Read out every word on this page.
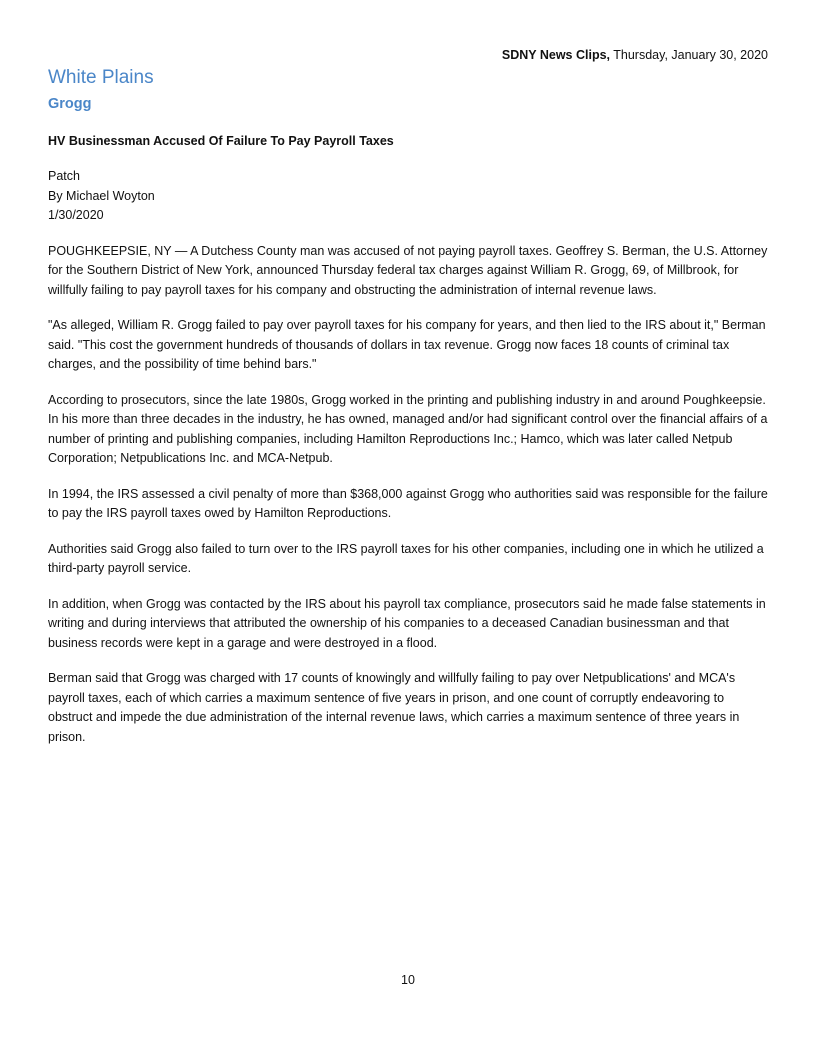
SDNY News Clips, Thursday, January 30, 2020
White Plains
Grogg
HV Businessman Accused Of Failure To Pay Payroll Taxes
Patch
By Michael Woyton
1/30/2020

POUGHKEEPSIE, NY — A Dutchess County man was accused of not paying payroll taxes. Geoffrey S. Berman, the U.S. Attorney for the Southern District of New York, announced Thursday federal tax charges against William R. Grogg, 69, of Millbrook, for willfully failing to pay payroll taxes for his company and obstructing the administration of internal revenue laws.

"As alleged, William R. Grogg failed to pay over payroll taxes for his company for years, and then lied to the IRS about it," Berman said. "This cost the government hundreds of thousands of dollars in tax revenue. Grogg now faces 18 counts of criminal tax charges, and the possibility of time behind bars."

According to prosecutors, since the late 1980s, Grogg worked in the printing and publishing industry in and around Poughkeepsie. In his more than three decades in the industry, he has owned, managed and/or had significant control over the financial affairs of a number of printing and publishing companies, including Hamilton Reproductions Inc.; Hamco, which was later called Netpub Corporation; Netpublications Inc. and MCA-Netpub.

In 1994, the IRS assessed a civil penalty of more than $368,000 against Grogg who authorities said was responsible for the failure to pay the IRS payroll taxes owed by Hamilton Reproductions.

Authorities said Grogg also failed to turn over to the IRS payroll taxes for his other companies, including one in which he utilized a third-party payroll service.

In addition, when Grogg was contacted by the IRS about his payroll tax compliance, prosecutors said he made false statements in writing and during interviews that attributed the ownership of his companies to a deceased Canadian businessman and that business records were kept in a garage and were destroyed in a flood.

Berman said that Grogg was charged with 17 counts of knowingly and willfully failing to pay over Netpublications' and MCA's payroll taxes, each of which carries a maximum sentence of five years in prison, and one count of corruptly endeavoring to obstruct and impede the due administration of the internal revenue laws, which carries a maximum sentence of three years in prison.

10
